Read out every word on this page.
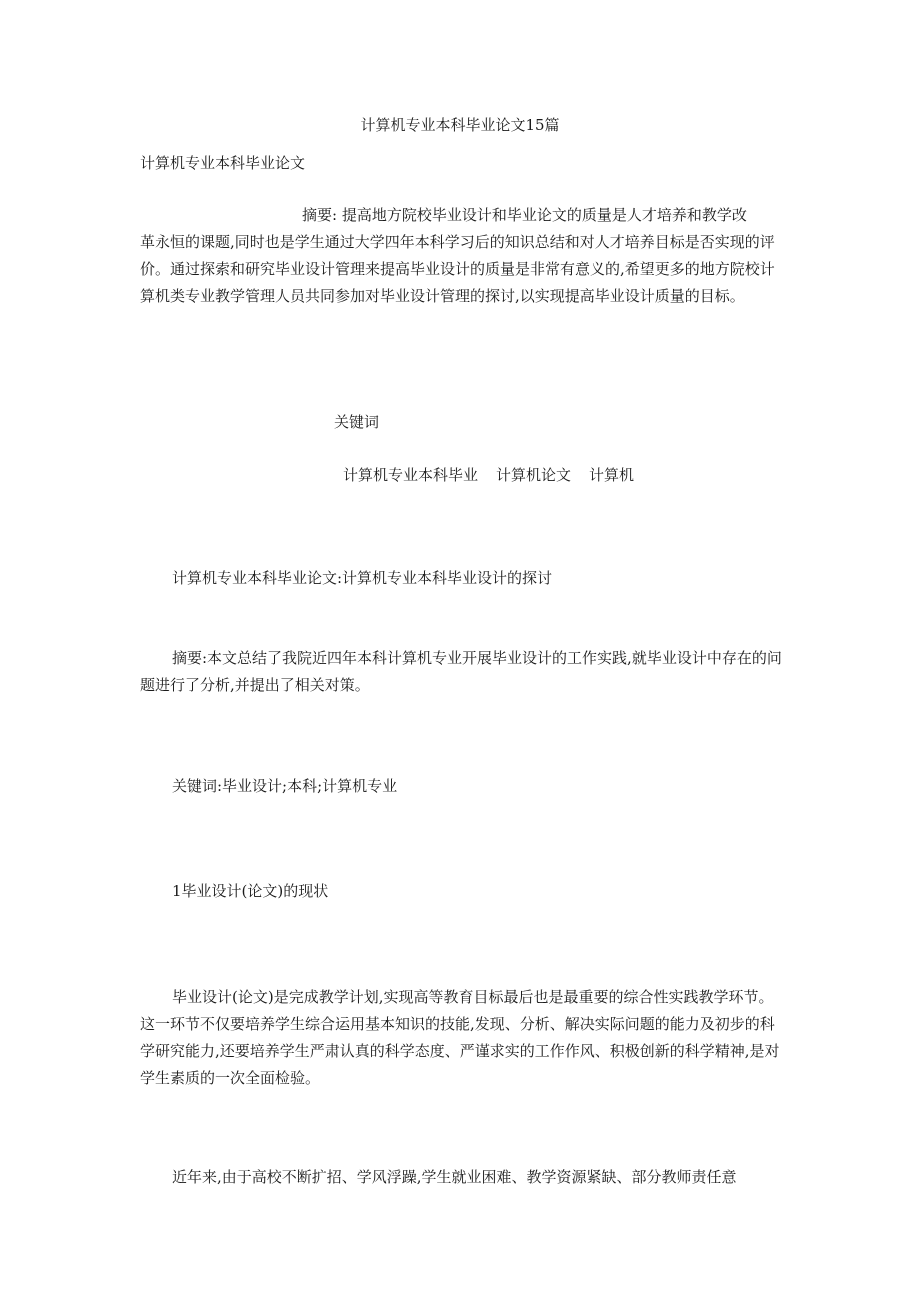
计算机专业本科毕业论文15篇
计算机专业本科毕业论文
摘要: 提高地方院校毕业设计和毕业论文的质量是人才培养和教学改
革永恒的课题,同时也是学生通过大学四年本科学习后的知识总结和对人才培养目标是否实现的评价。通过探索和研究毕业设计管理来提高毕业设计的质量是非常有意义的,希望更多的地方院校计算机类专业教学管理人员共同参加对毕业设计管理的探讨,以实现提高毕业设计质量的目标。
关键词
计算机专业本科毕业 计算机论文 计算机
计算机专业本科毕业论文:计算机专业本科毕业设计的探讨
摘要:本文总结了我院近四年本科计算机专业开展毕业设计的工作实践,就毕业设计中存在的问题进行了分析,并提出了相关对策。
关键词:毕业设计;本科;计算机专业
1毕业设计(论文)的现状
毕业设计(论文)是完成教学计划,实现高等教育目标最后也是最重要的综合性实践教学环节。这一环节不仅要培养学生综合运用基本知识的技能,发现、分析、解决实际问题的能力及初步的科学研究能力,还要培养学生严肃认真的科学态度、严谨求实的工作作风、积极创新的科学精神,是对学生素质的一次全面检验。
近年来,由于高校不断扩招、学风浮躁,学生就业困难、教学资源紧缺、部分教师责任意
